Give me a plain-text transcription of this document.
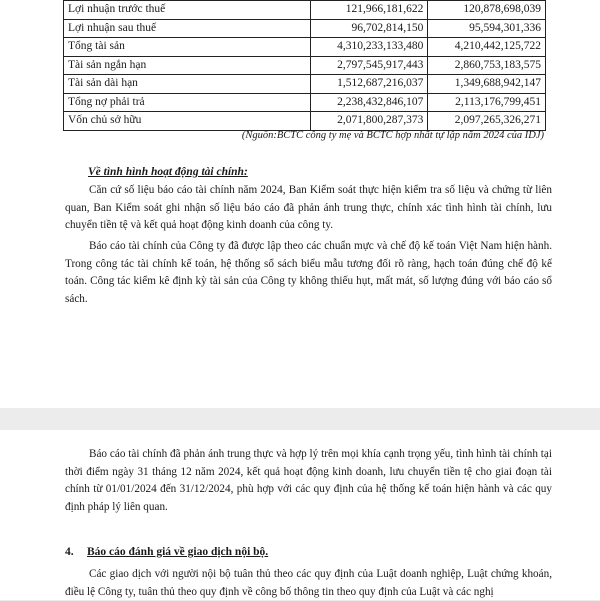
Lợi nhuận trước thuế	121,966,181,622	120,878,698,039
Lợi nhuận sau thuế	96,702,814,150	95,594,301,336
Tổng tài sản	4,310,233,133,480	4,210,442,125,722
Tài sản ngắn hạn	2,797,545,917,443	2,860,753,183,575
Tài sản dài hạn	1,512,687,216,037	1,349,688,942,147
Tổng nợ phải trả	2,238,432,846,107	2,113,176,799,451
Vốn chủ sở hữu	2,071,800,287,373	2,097,265,326,271
(Nguồn:BCTC công ty mẹ và BCTC hợp nhất tự lập năm 2024 của IDJ)
Về tình hình hoạt động tài chính:
Căn cứ số liệu báo cáo tài chính năm 2024, Ban Kiểm soát thực hiện kiểm tra số liệu và chứng từ liên quan, Ban Kiểm soát ghi nhận số liệu báo cáo đã phản ánh trung thực, chính xác tình hình tài chính, lưu chuyển tiền tệ và kết quả hoạt động kinh doanh của công ty.
Báo cáo tài chính của Công ty đã được lập theo các chuẩn mực và chế độ kế toán Việt Nam hiện hành. Trong công tác tài chính kế toán, hệ thống sổ sách biểu mẫu tương đối rõ ràng, hạch toán đúng chế độ kế toán. Công tác kiểm kê định kỳ tài sản của Công ty không thiếu hụt, mất mát, số lượng đúng với báo cáo sổ sách.
Báo cáo tài chính đã phản ánh trung thực và hợp lý trên mọi khía cạnh trọng yếu, tình hình tài chính tại thời điểm ngày 31 tháng 12 năm 2024, kết quả hoạt động kinh doanh, lưu chuyển tiền tệ cho giai đoạn tài chính từ 01/01/2024 đến 31/12/2024, phù hợp với các quy định của hệ thống kế toán hiện hành và các quy định pháp lý liên quan.
4. Báo cáo đánh giá về giao dịch nội bộ.
Các giao dịch với người nội bộ tuân thủ theo các quy định của Luật doanh nghiệp, Luật chứng khoán, điều lệ Công ty, tuân thủ theo quy định về công bố thông tin theo quy định của Luật và các nghị
